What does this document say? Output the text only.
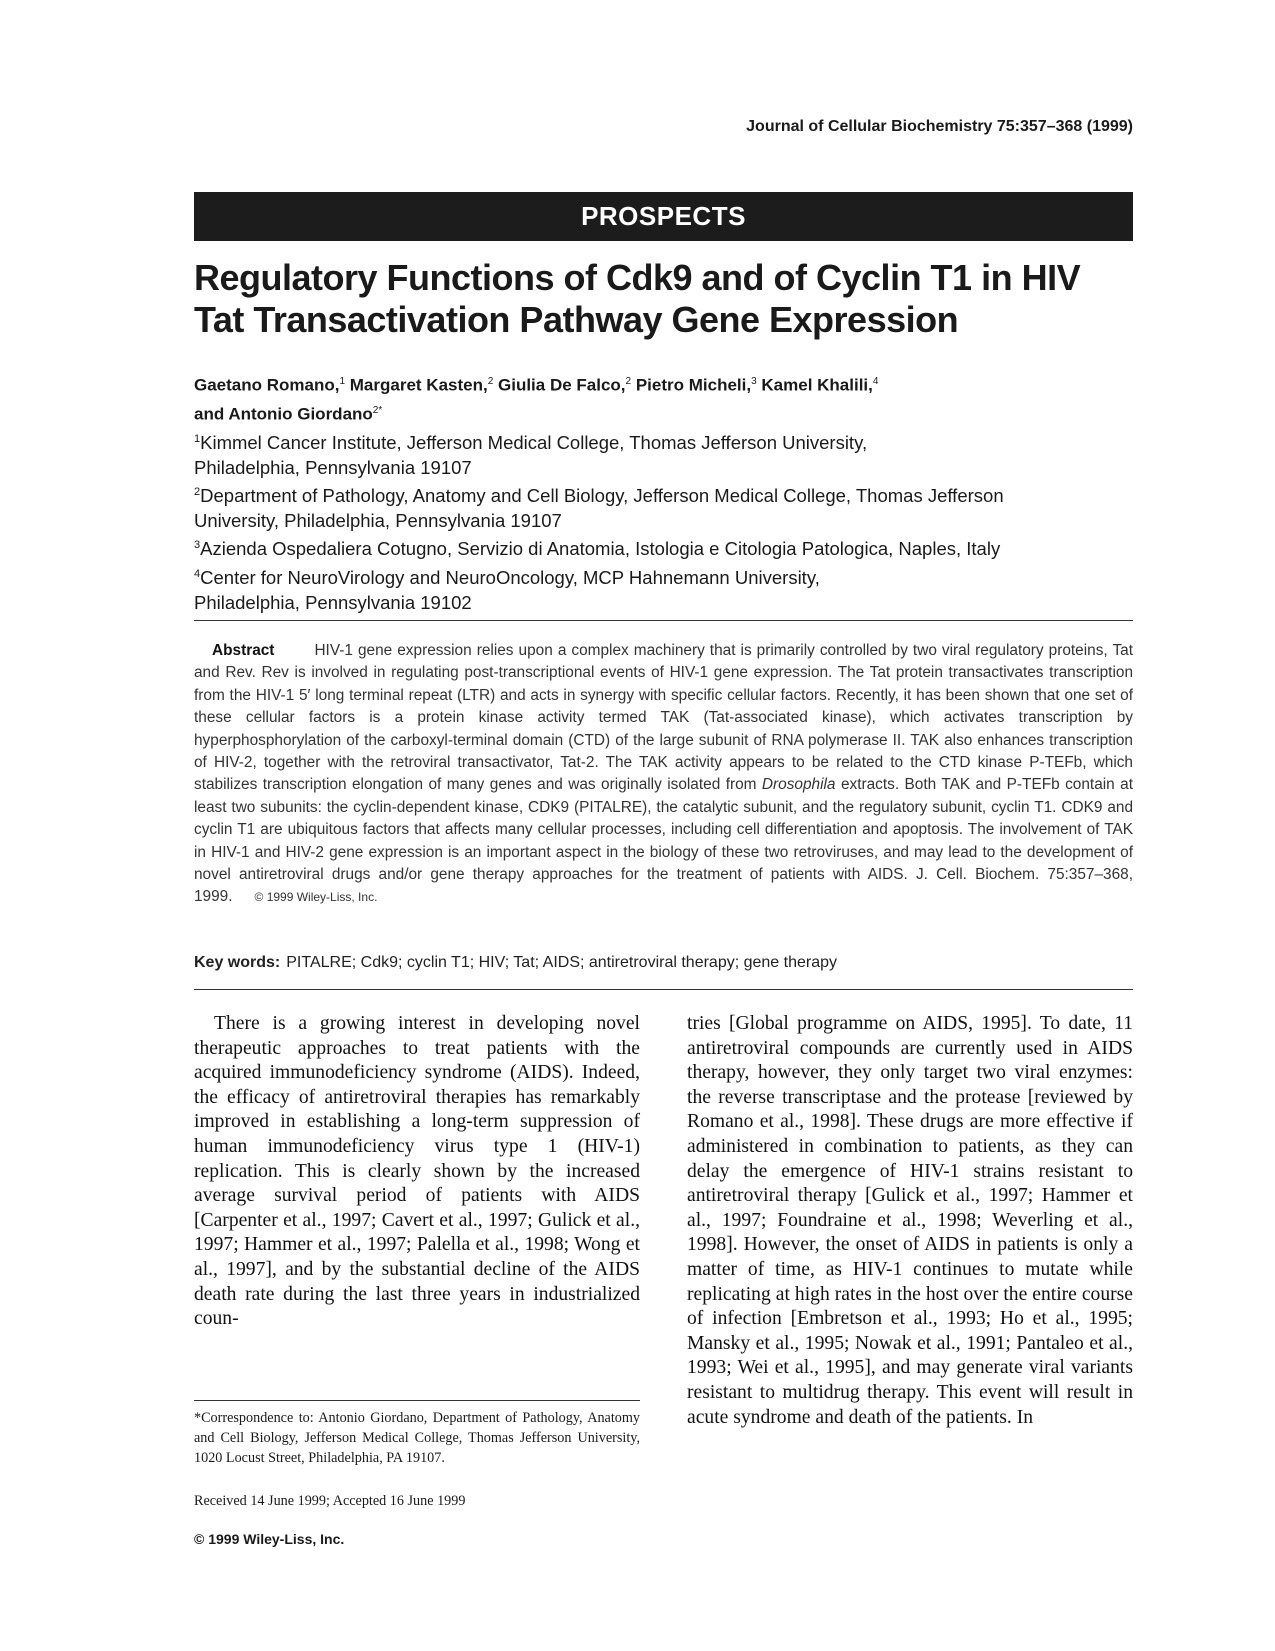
Journal of Cellular Biochemistry 75:357–368 (1999)
PROSPECTS
Regulatory Functions of Cdk9 and of Cyclin T1 in HIV
Tat Transactivation Pathway Gene Expression
Gaetano Romano,$^1$ Margaret Kasten,$^2$ Giulia De Falco,$^2$ Pietro Micheli,$^3$ Kamel Khalili,$^4$
and Antonio Giordano$^{2*}$
$^1$Kimmel Cancer Institute, Jefferson Medical College, Thomas Jefferson University,
Philadelphia, Pennsylvania 19107
$^2$Department of Pathology, Anatomy and Cell Biology, Jefferson Medical College, Thomas Jefferson
University, Philadelphia, Pennsylvania 19107
$^3$Azienda Ospedaliera Cotugno, Servizio di Anatomia, Istologia e Citologia Patologica, Naples, Italy
$^4$Center for NeuroVirology and NeuroOncology, MCP Hahnemann University,
Philadelphia, Pennsylvania 19102
Abstract	HIV-1 gene expression relies upon a complex machinery that is primarily controlled by two viral regulatory proteins, Tat and Rev. Rev is involved in regulating post-transcriptional events of HIV-1 gene expression. The Tat protein transactivates transcription from the HIV-1 5′ long terminal repeat (LTR) and acts in synergy with specific cellular factors. Recently, it has been shown that one set of these cellular factors is a protein kinase activity termed TAK (Tat-associated kinase), which activates transcription by hyperphosphorylation of the carboxyl-terminal domain (CTD) of the large subunit of RNA polymerase II. TAK also enhances transcription of HIV-2, together with the retroviral transactivator, Tat-2. The TAK activity appears to be related to the CTD kinase P-TEFb, which stabilizes transcription elongation of many genes and was originally isolated from Drosophila extracts. Both TAK and P-TEFb contain at least two subunits: the cyclin-dependent kinase, CDK9 (PITALRE), the catalytic subunit, and the regulatory subunit, cyclin T1. CDK9 and cyclin T1 are ubiquitous factors that affects many cellular processes, including cell differentiation and apoptosis. The involvement of TAK in HIV-1 and HIV-2 gene expression is an important aspect in the biology of these two retroviruses, and may lead to the development of novel antiretroviral drugs and/or gene therapy approaches for the treatment of patients with AIDS. J. Cell. Biochem. 75:357–368, 1999. © 1999 Wiley-Liss, Inc.
Key words: PITALRE; Cdk9; cyclin T1; HIV; Tat; AIDS; antiretroviral therapy; gene therapy
There is a growing interest in developing novel therapeutic approaches to treat patients with the acquired immunodeficiency syndrome (AIDS). Indeed, the efficacy of antiretroviral therapies has remarkably improved in establishing a long-term suppression of human immunodeficiency virus type 1 (HIV-1) replication. This is clearly shown by the increased average survival period of patients with AIDS [Carpenter et al., 1997; Cavert et al., 1997; Gulick et al., 1997; Hammer et al., 1997; Palella et al., 1998; Wong et al., 1997], and by the substantial decline of the AIDS death rate during the last three years in industrialized coun-
tries [Global programme on AIDS, 1995]. To date, 11 antiretroviral compounds are currently used in AIDS therapy, however, they only target two viral enzymes: the reverse transcriptase and the protease [reviewed by Romano et al., 1998]. These drugs are more effective if administered in combination to patients, as they can delay the emergence of HIV-1 strains resistant to antiretroviral therapy [Gulick et al., 1997; Hammer et al., 1997; Foundraine et al., 1998; Weverling et al., 1998]. However, the onset of AIDS in patients is only a matter of time, as HIV-1 continues to mutate while replicating at high rates in the host over the entire course of infection [Embretson et al., 1993; Ho et al., 1995; Mansky et al., 1995; Nowak et al., 1991; Pantaleo et al., 1993; Wei et al., 1995], and may generate viral variants resistant to multidrug therapy. This event will result in acute syndrome and death of the patients. In
*Correspondence to: Antonio Giordano, Department of Pathology, Anatomy and Cell Biology, Jefferson Medical College, Thomas Jefferson University, 1020 Locust Street, Philadelphia, PA 19107.
Received 14 June 1999; Accepted 16 June 1999
© 1999 Wiley-Liss, Inc.
